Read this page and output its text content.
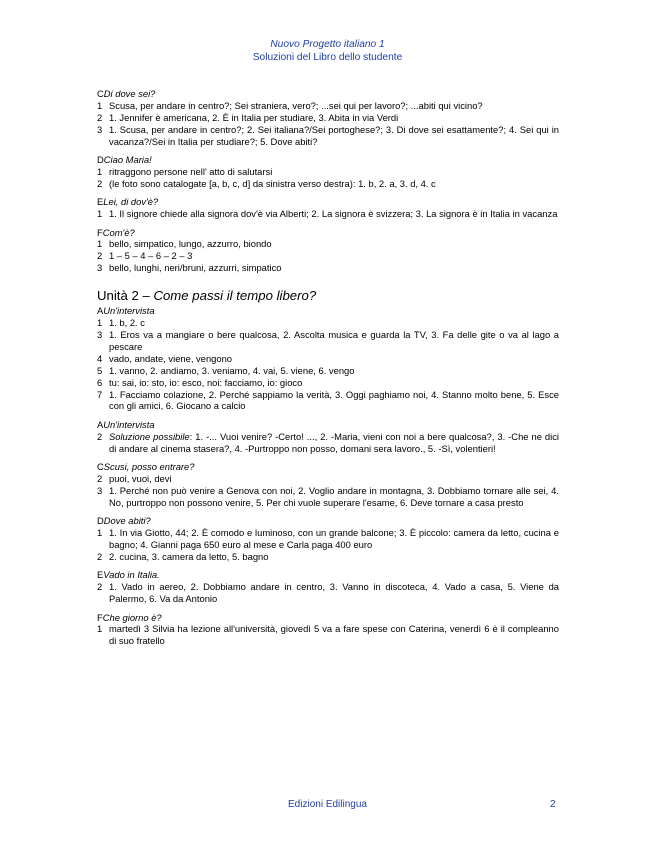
Nuovo Progetto italiano 1
Soluzioni del Libro dello studente
CDi dove sei?
1 Scusa, per andare in centro?; Sei straniera, vero?; ...sei qui per lavoro?; ...abiti qui vicino?
2 1. Jennifer è americana, 2. È in Italia per studiare, 3. Abita in via Verdi
3 1. Scusa, per andare in centro?; 2. Sei italiana?/Sei portoghese?; 3. Di dove sei esattamente?; 4. Sei qui in vacanza?/Sei in Italia per studiare?; 5. Dove abiti?
DCiao Maria!
1 ritraggono persone nell’ atto di salutarsi
2 (le foto sono catalogate [a, b, c, d] da sinistra verso destra): 1. b, 2. a, 3. d, 4. c
ELei, di dov'è?
1 1. Il signore chiede alla signora dov'è via Alberti; 2. La signora è svizzera; 3. La signora è in Italia in vacanza
FCom'è?
1 bello, simpatico, lungo, azzurro, biondo
2 1 – 5 – 4 – 6 – 2 – 3
3 bello, lunghi, neri/bruni, azzurri, simpatico
Unità 2 – Come passi il tempo libero?
AUn'intervista
1 1. b, 2. c
3 1. Eros va a mangiare o bere qualcosa, 2. Ascolta musica e guarda la TV, 3. Fa delle gite o va al lago a pescare
4 vado, andate, viene, vengono
5 1. vanno, 2. andiamo, 3. veniamo, 4. vai, 5. viene, 6. vengo
6 tu: sai, io: sto, io: esco, noi: facciamo, io: gioco
7 1. Facciamo colazione, 2. Perché sappiamo la verità, 3. Oggi paghiamo noi, 4. Stanno molto bene, 5. Esce con gli amici, 6. Giocano a calcio
AUn'intervista
2 Soluzione possibile: 1. -... Vuoi venire? -Certo! ..., 2. -Maria, vieni con noi a bere qualcosa?, 3. -Che ne dici di andare al cinema stasera?, 4. -Purtroppo non posso, domani sera lavoro., 5. -Sì, volentieri!
CScusi, posso entrare?
2 puoi, vuoi, devi
3 1. Perché non può venire a Genova con noi, 2. Voglio andare in montagna, 3. Dobbiamo tornare alle sei, 4. No, purtroppo non possono venire, 5. Per chi vuole superare l'esame, 6. Deve tornare a casa presto
DDove abiti?
1 1. In via Giotto, 44; 2. È comodo e luminoso, con un grande balcone; 3. È piccolo: camera da letto, cucina e bagno; 4. Gianni paga 650 euro al mese e Carla paga 400 euro
2 2. cucina, 3. camera da letto, 5. bagno
EVado in Italia.
2 1. Vado in aereo, 2. Dobbiamo andare in centro, 3. Vanno in discoteca, 4. Vado a casa, 5. Viene da Palermo, 6. Va da Antonio
FChe giorno è?
1 martedì 3 Silvia ha lezione all'università, giovedì 5 va a fare spese con Caterina, venerdì 6 è il compleanno di suo fratello
Edizioni Edilingua	2
